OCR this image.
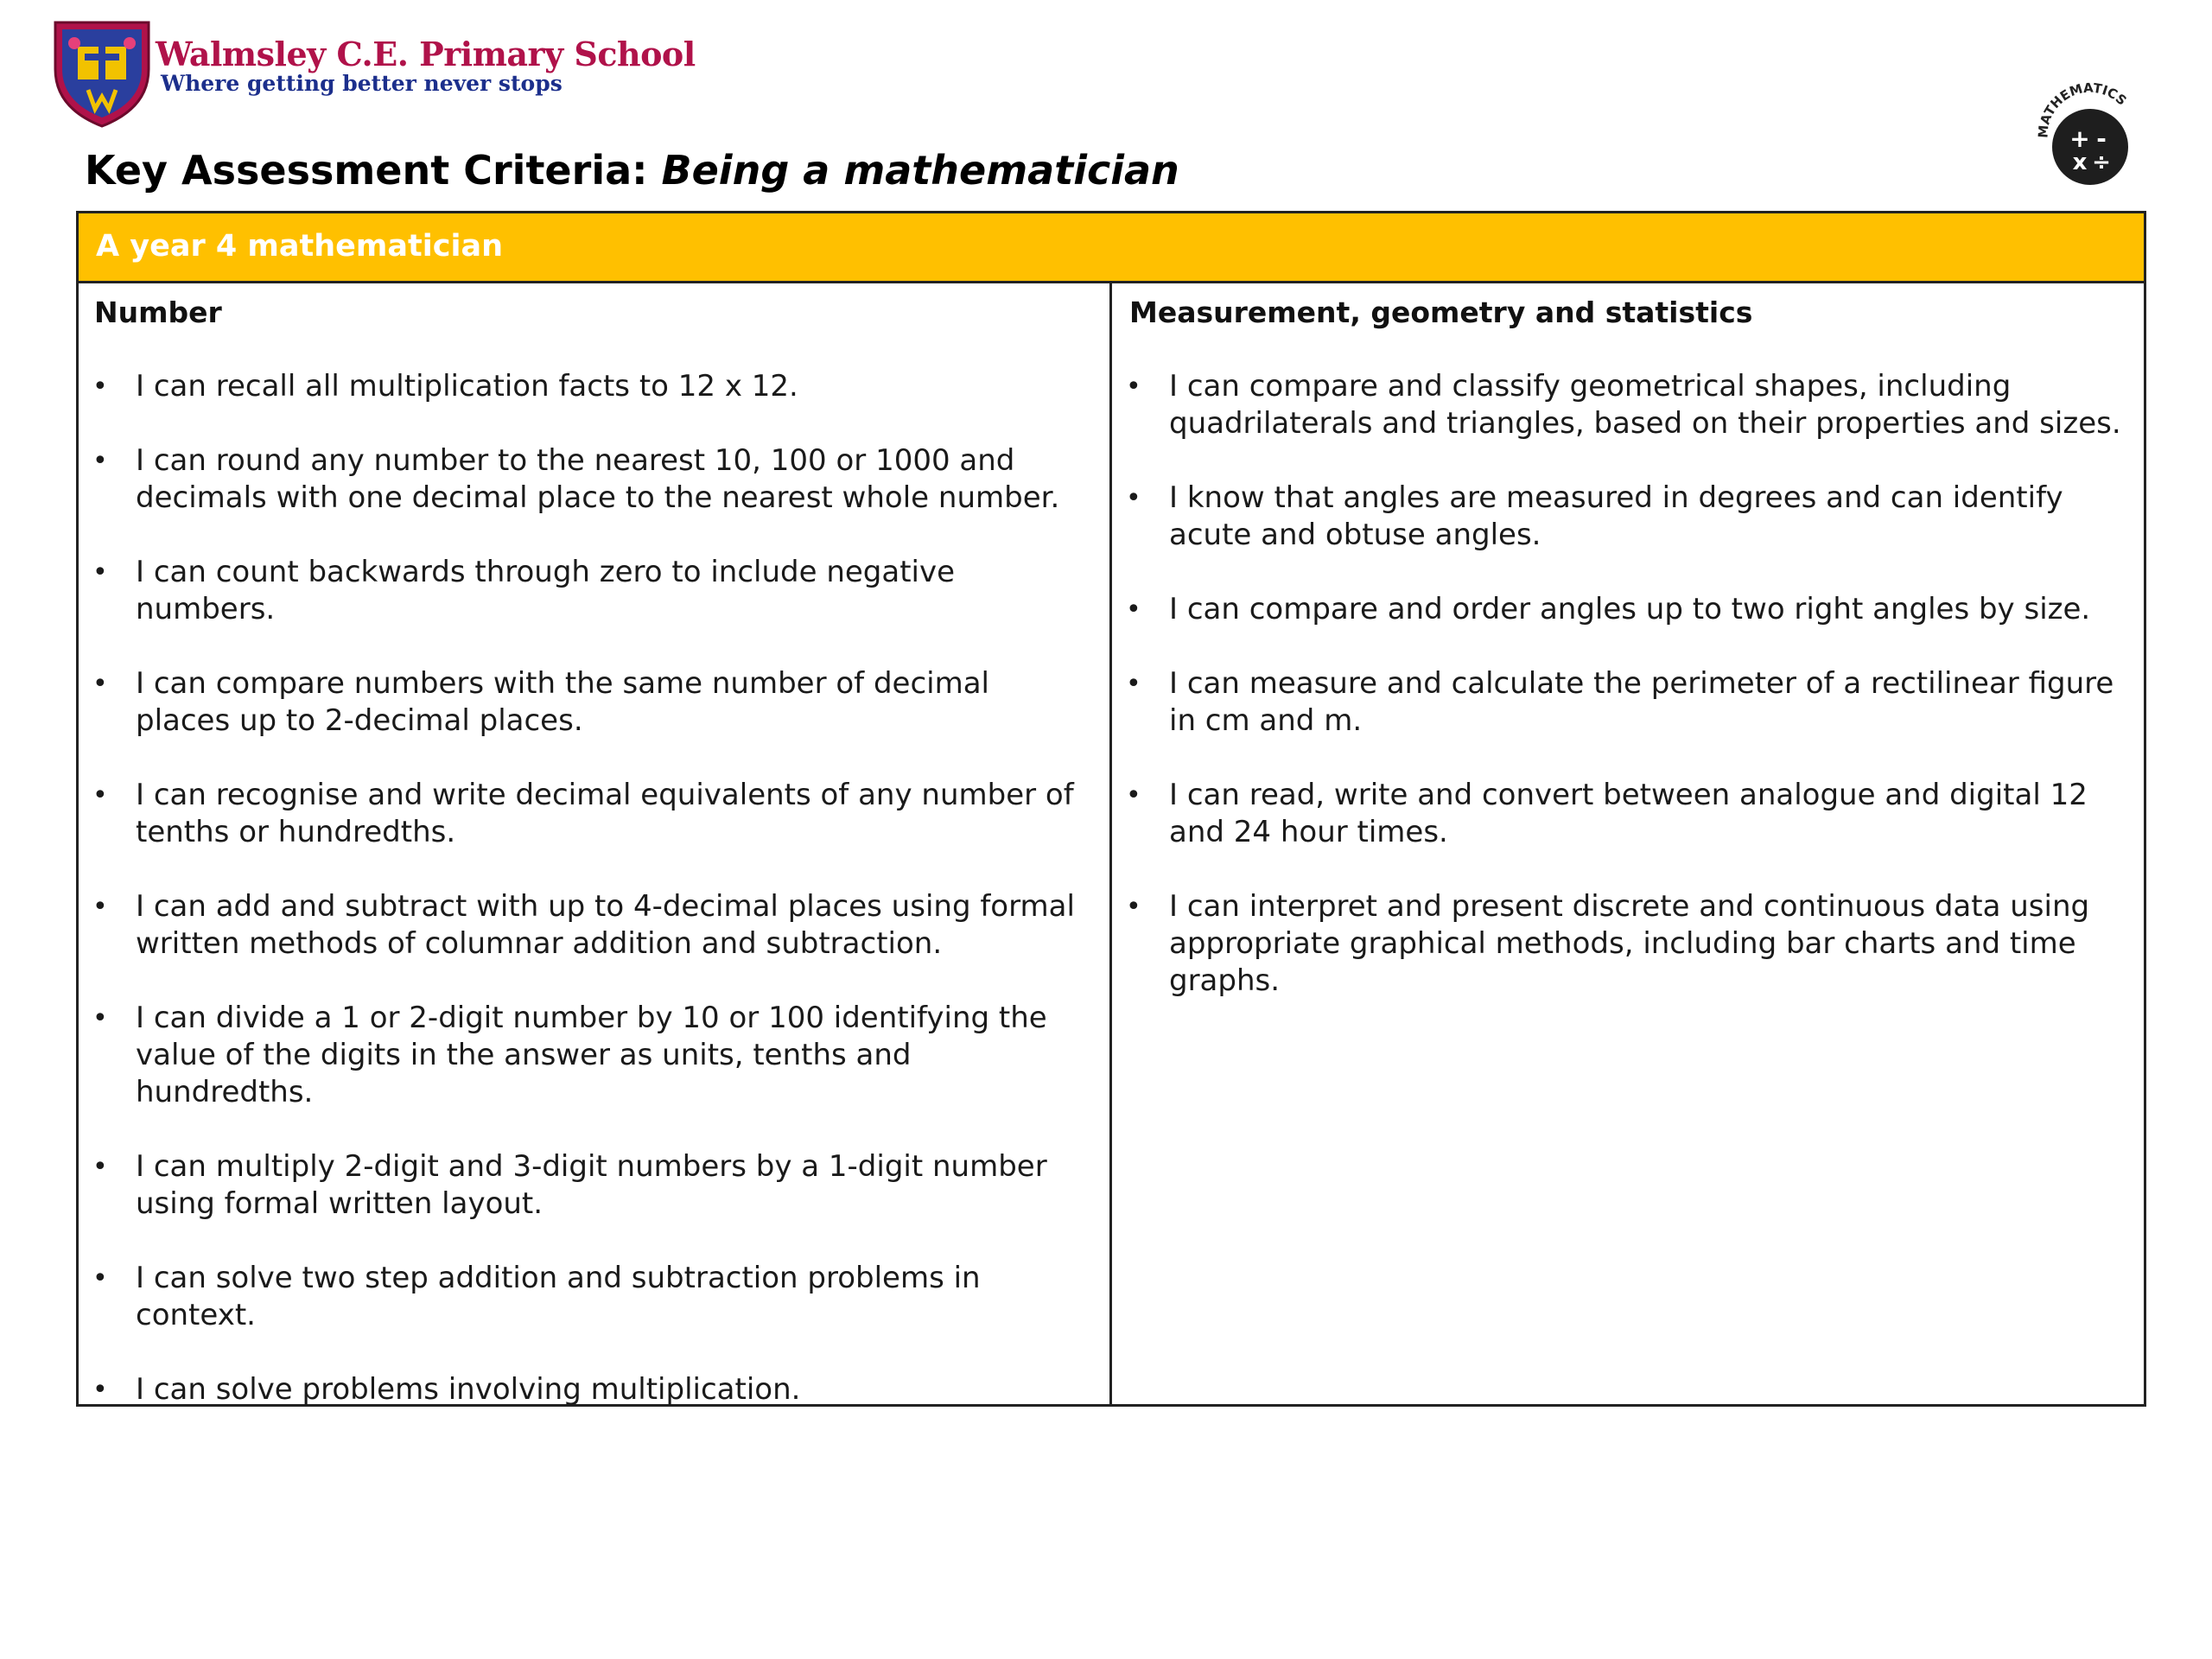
Walmsley C.E. Primary School
Where getting better never stops
MATHEMATICS
+ -
x ÷
Key Assessment Criteria: Being a mathematician
A year 4 mathematician
Number
• I can recall all multiplication facts to 12 x 12.
• I can round any number to the nearest 10, 100 or 1000 and decimals with one decimal place to the nearest whole number.
• I can count backwards through zero to include negative numbers.
• I can compare numbers with the same number of decimal places up to 2-decimal places.
• I can recognise and write decimal equivalents of any number of tenths or hundredths.
• I can add and subtract with up to 4-decimal places using formal written methods of columnar addition and subtraction.
• I can divide a 1 or 2-digit number by 10 or 100 identifying the value of the digits in the answer as units, tenths and hundredths.
• I can multiply 2-digit and 3-digit numbers by a 1-digit number using formal written layout.
• I can solve two step addition and subtraction problems in context.
• I can solve problems involving multiplication.
Measurement, geometry and statistics
• I can compare and classify geometrical shapes, including quadrilaterals and triangles, based on their properties and sizes.
• I know that angles are measured in degrees and can identify acute and obtuse angles.
• I can compare and order angles up to two right angles by size.
• I can measure and calculate the perimeter of a rectilinear figure in cm and m.
• I can read, write and convert between analogue and digital 12 and 24 hour times.
• I can interpret and present discrete and continuous data using appropriate graphical methods, including bar charts and time graphs.
